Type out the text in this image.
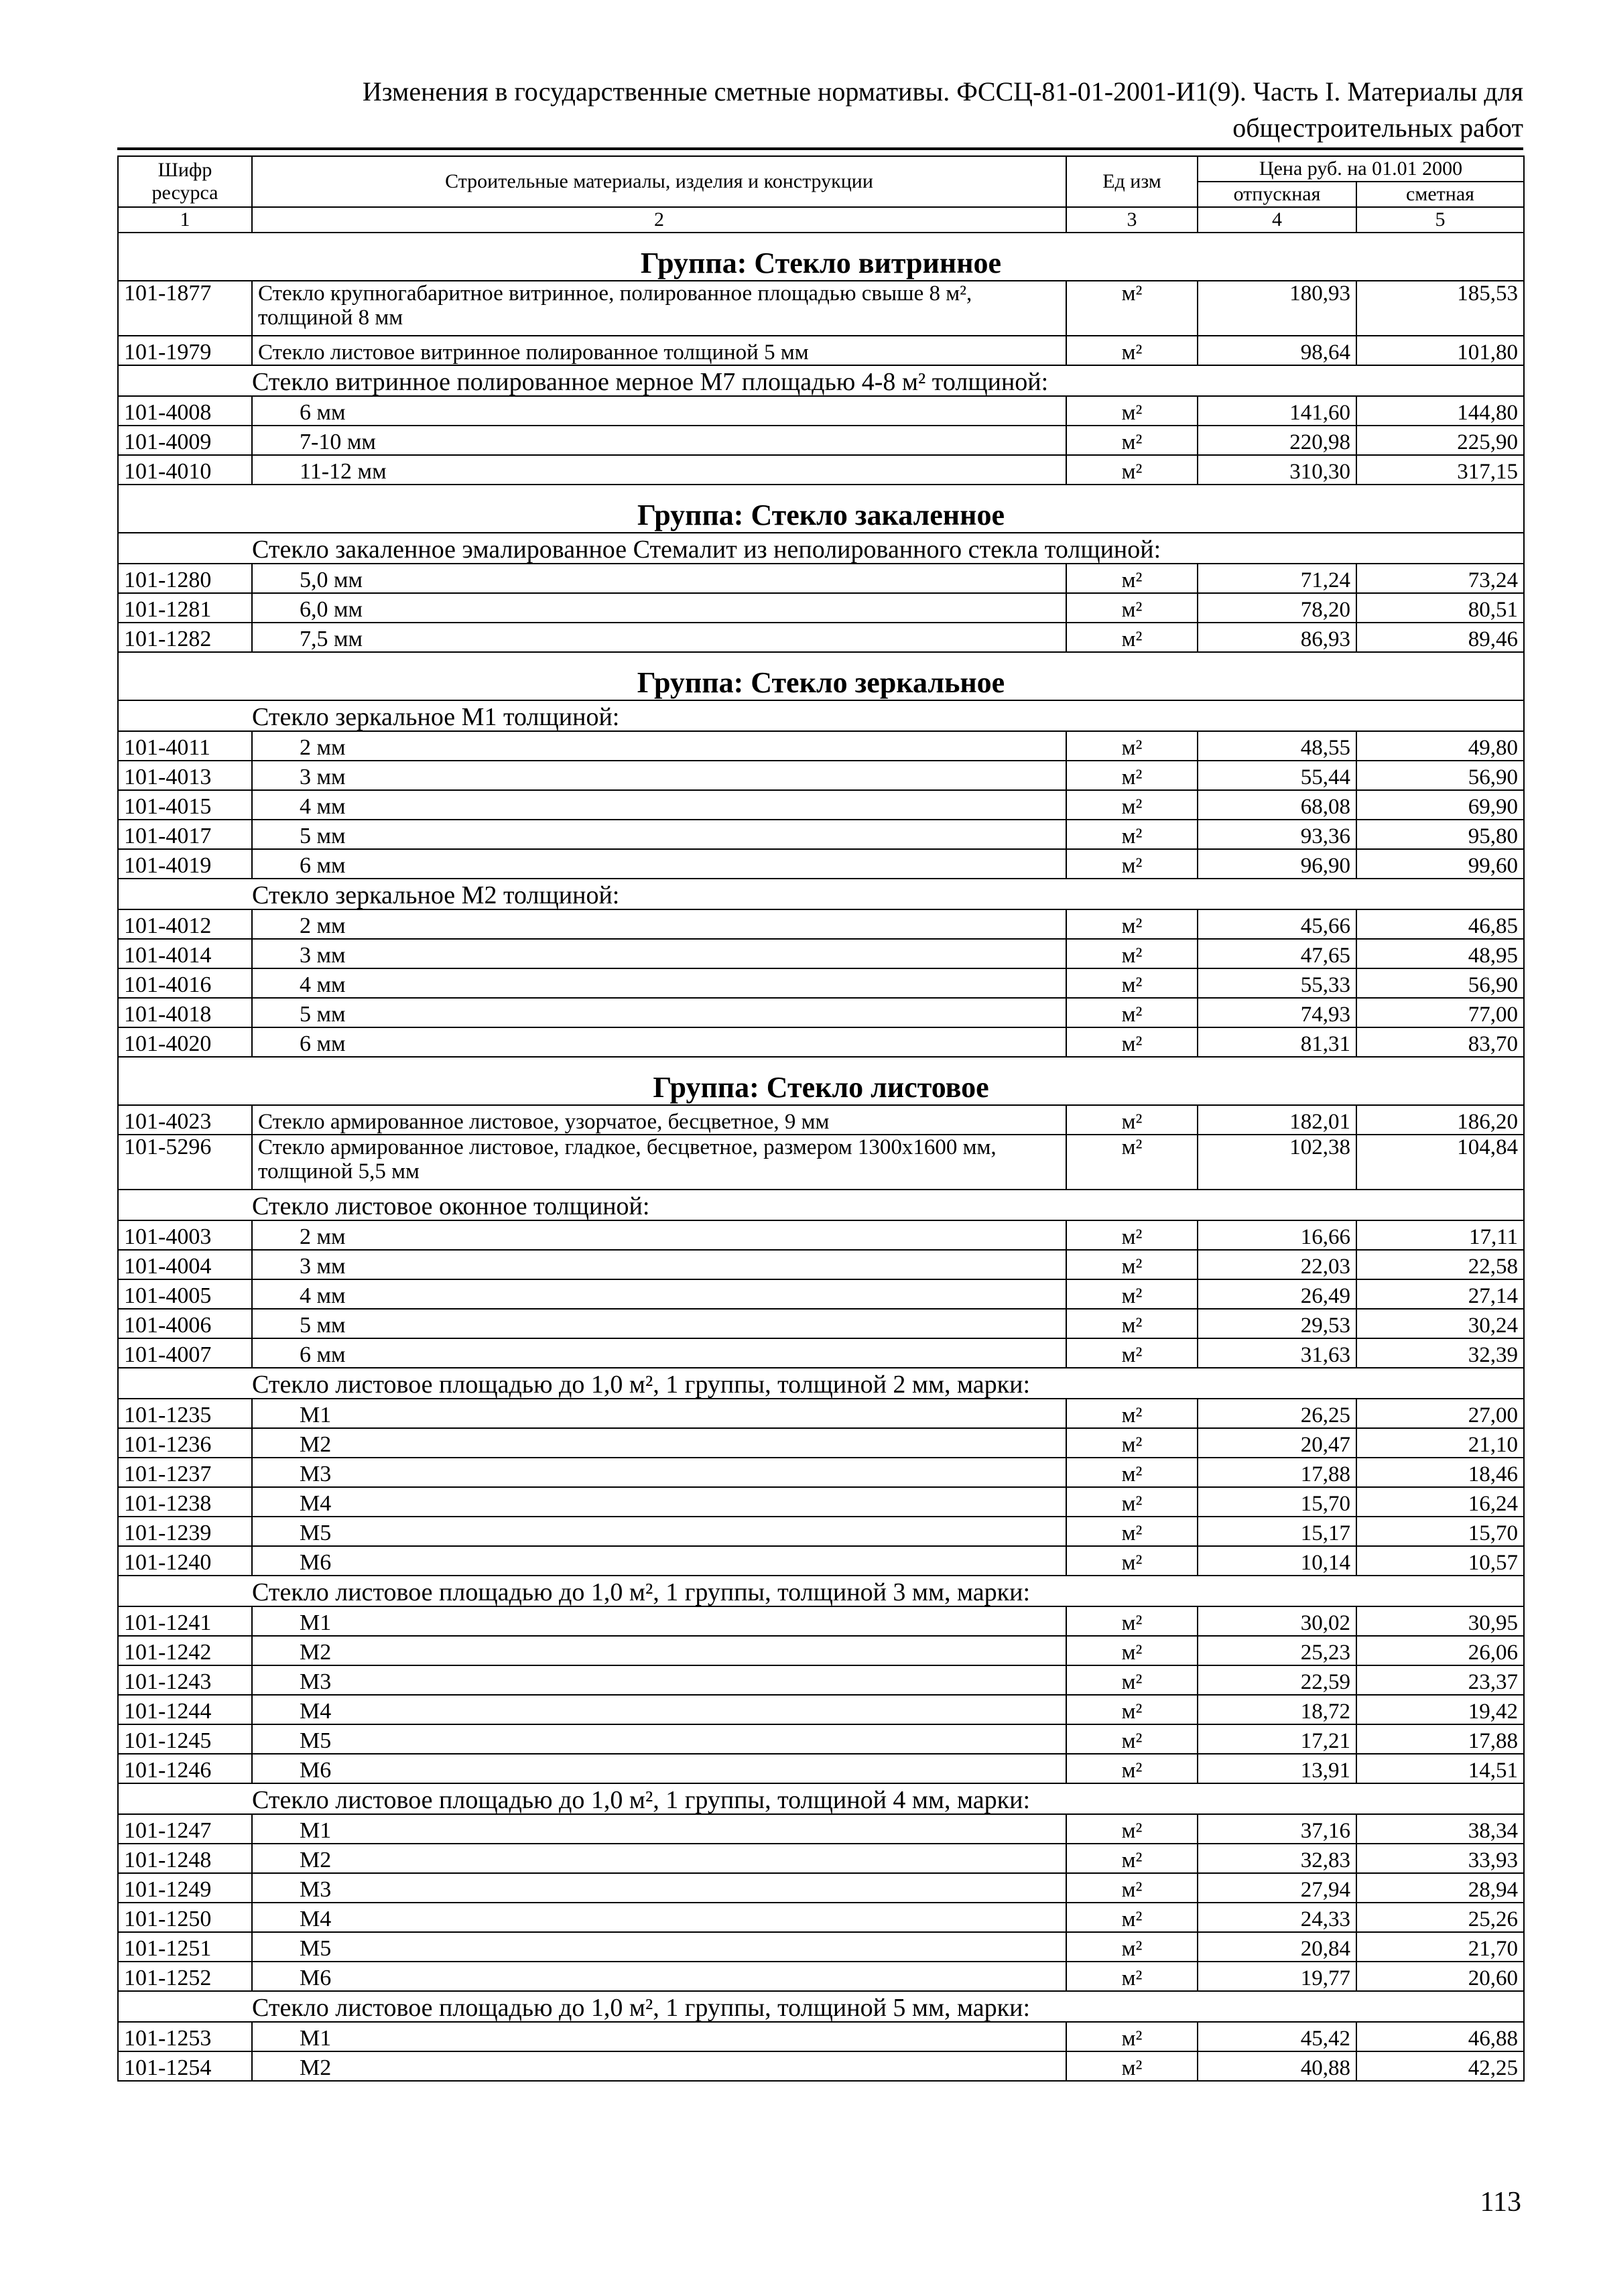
Изменения в государственные сметные нормативы. ФССЦ-81-01-2001-И1(9). Часть I. Материалы для
общестроительных работ
Шифр ресурса	Строительные материалы, изделия и конструкции	Ед изм	Цена руб. на 01.01 2000	
			отпускная	сметная
1	2	3	4	5
Группа: Стекло витринное				
101-1877	Стекло крупногабаритное витринное, полированное площадью свыше 8 м², толщиной 8 мм	м²	180,93	185,53
101-1979	Стекло листовое витринное полированное толщиной 5 мм	м²	98,64	101,80
	Стекло витринное полированное мерное М7 площадью 4-8 м² толщиной:			
101-4008	6 мм	м²	141,60	144,80
101-4009	7-10 мм	м²	220,98	225,90
101-4010	11-12 мм	м²	310,30	317,15
Группа: Стекло закаленное				
	Стекло закаленное эмалированное Стемалит из неполированного стекла толщиной:			
101-1280	5,0 мм	м²	71,24	73,24
101-1281	6,0 мм	м²	78,20	80,51
101-1282	7,5 мм	м²	86,93	89,46
Группа: Стекло зеркальное				
	Стекло зеркальное М1 толщиной:			
101-4011	2 мм	м²	48,55	49,80
101-4013	3 мм	м²	55,44	56,90
101-4015	4 мм	м²	68,08	69,90
101-4017	5 мм	м²	93,36	95,80
101-4019	6 мм	м²	96,90	99,60
	Стекло зеркальное М2 толщиной:			
101-4012	2 мм	м²	45,66	46,85
101-4014	3 мм	м²	47,65	48,95
101-4016	4 мм	м²	55,33	56,90
101-4018	5 мм	м²	74,93	77,00
101-4020	6 мм	м²	81,31	83,70
Группа: Стекло листовое				
101-4023	Стекло армированное листовое, узорчатое, бесцветное, 9 мм	м²	182,01	186,20
101-5296	Стекло армированное листовое, гладкое, бесцветное, размером 1300х1600 мм, толщиной 5,5 мм	м²	102,38	104,84
	Стекло листовое оконное толщиной:			
101-4003	2 мм	м²	16,66	17,11
101-4004	3 мм	м²	22,03	22,58
101-4005	4 мм	м²	26,49	27,14
101-4006	5 мм	м²	29,53	30,24
101-4007	6 мм	м²	31,63	32,39
	Стекло листовое площадью до 1,0 м², 1 группы, толщиной 2 мм, марки:			
101-1235	М1	м²	26,25	27,00
101-1236	М2	м²	20,47	21,10
101-1237	М3	м²	17,88	18,46
101-1238	М4	м²	15,70	16,24
101-1239	М5	м²	15,17	15,70
101-1240	М6	м²	10,14	10,57
	Стекло листовое площадью до 1,0 м², 1 группы, толщиной 3 мм, марки:			
101-1241	М1	м²	30,02	30,95
101-1242	М2	м²	25,23	26,06
101-1243	М3	м²	22,59	23,37
101-1244	М4	м²	18,72	19,42
101-1245	М5	м²	17,21	17,88
101-1246	М6	м²	13,91	14,51
	Стекло листовое площадью до 1,0 м², 1 группы, толщиной 4 мм, марки:			
101-1247	М1	м²	37,16	38,34
101-1248	М2	м²	32,83	33,93
101-1249	М3	м²	27,94	28,94
101-1250	М4	м²	24,33	25,26
101-1251	М5	м²	20,84	21,70
101-1252	М6	м²	19,77	20,60
	Стекло листовое площадью до 1,0 м², 1 группы, толщиной 5 мм, марки:			
101-1253	М1	м²	45,42	46,88
101-1254	М2	м²	40,88	42,25
113
